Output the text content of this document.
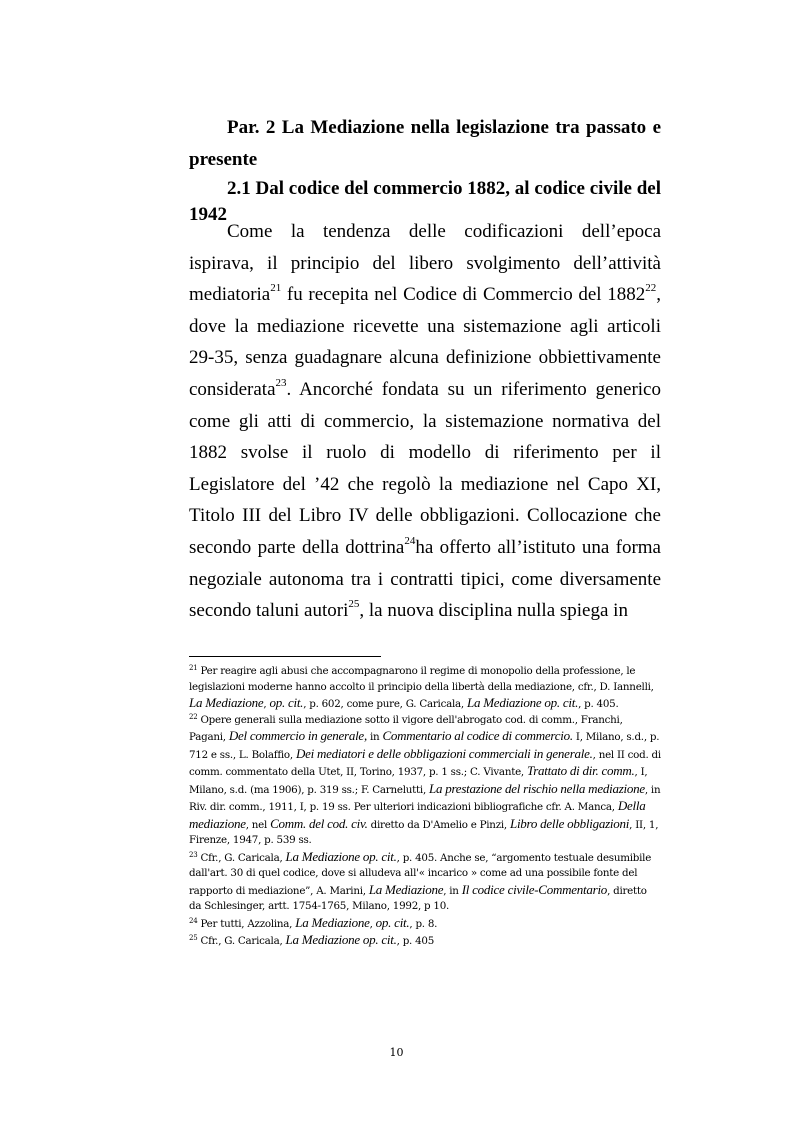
Par. 2 La Mediazione nella legislazione tra passato e presente
2.1 Dal codice del commercio 1882, al codice civile del 1942
Come la tendenza delle codificazioni dell’epoca ispirava, il principio del libero svolgimento dell’attività mediatoria$^{21}$ fu recepita nel Codice di Commercio del 1882$^{22}$, dove la mediazione ricevette una sistemazione agli articoli 29-35, senza guadagnare alcuna definizione obbiettivamente considerata$^{23}$. Ancorché fondata su un riferimento generico come gli atti di commercio, la sistemazione normativa del 1882 svolse il ruolo di modello di riferimento per il Legislatore del ’42 che regolò la mediazione nel Capo XI, Titolo III del Libro IV delle obbligazioni. Collocazione che secondo parte della dottrina$^{24}$ha offerto all’istituto una forma negoziale autonoma tra i contratti tipici, come diversamente secondo taluni autori$^{25}$, la nuova disciplina nulla spiega in

$^{21}$ Per reagire agli abusi che accompagnarono il regime di monopolio della professione, le legislazioni moderne hanno accolto il principio della libertà della mediazione, cfr., D. Iannelli, La Mediazione, op. cit., p. 602, come pure, G. Caricala, La Mediazione op. cit., p. 405.

$^{22}$ Opere generali sulla mediazione sotto il vigore dell'abrogato cod. di comm., Franchi, Pagani, Del commercio in generale, in Commentario al codice di commercio. I, Milano, s.d., p. 712 e ss., L. Bolaffio, Dei mediatori e delle obbligazioni commerciali in generale., nel II cod. di comm. commentato della Utet, II, Torino, 1937, p. 1 ss.; C. Vivante, Trattato di dir. comm., I, Milano, s.d. (ma 1906), p. 319 ss.; F. Carnelutti, La prestazione del rischio nella mediazione, in Riv. dir. comm., 1911, I, p. 19 ss. Per ulteriori indicazioni bibliografiche cfr. A. Manca, Della mediazione, nel Comm. del cod. civ. diretto da D'Amelio e Pinzi, Libro delle obbligazioni, II, 1, Firenze, 1947, p. 539 ss.

$^{23}$ Cfr., G. Caricala, La Mediazione op. cit., p. 405. Anche se, “argomento testuale desumibile dall'art. 30 di quel codice, dove si alludeva all'« incarico » come ad una possibile fonte del rapporto di mediazione”, A. Marini, La Mediazione, in Il codice civile-Commentario, diretto da Schlesinger, artt. 1754-1765, Milano, 1992, p 10.

$^{24}$ Per tutti, Azzolina, La Mediazione, op. cit., p. 8.

$^{25}$ Cfr., G. Caricala, La Mediazione op. cit., p. 405

10
